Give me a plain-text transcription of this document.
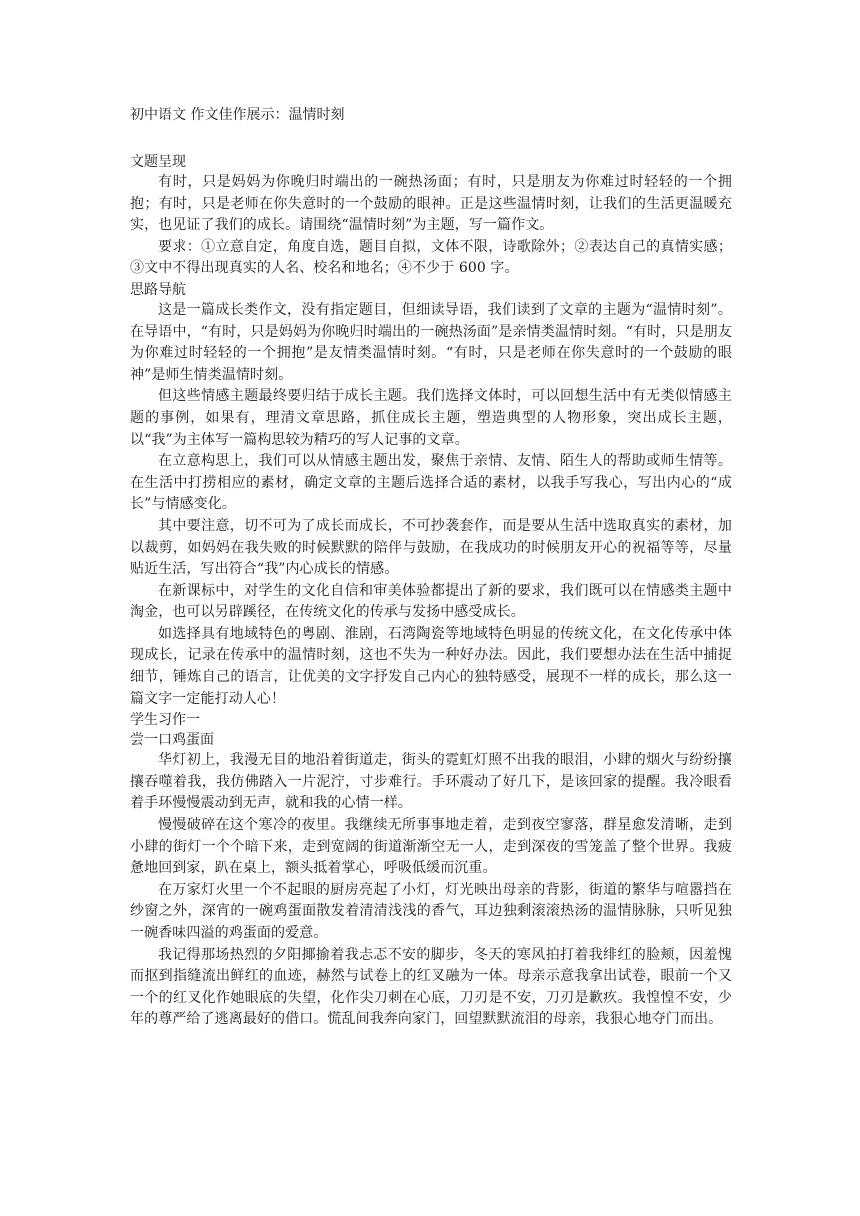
初中语文 作文佳作展示：温情时刻
文题呈现

有时，只是妈妈为你晚归时端出的一碗热汤面；有时，只是朋友为你难过时轻轻的一个拥抱；有时，只是老师在你失意时的一个鼓励的眼神。正是这些温情时刻，让我们的生活更温暖充实，也见证了我们的成长。请围绕“温情时刻”为主题，写一篇作文。

要求：①立意自定，角度自选，题目自拟，文体不限，诗歌除外；②表达自己的真情实感；③文中不得出现真实的人名、校名和地名；④不少于 600 字。

思路导航

这是一篇成长类作文，没有指定题目，但细读导语，我们读到了文章的主题为“温情时刻”。在导语中，“有时，只是妈妈为你晚归时端出的一碗热汤面”是亲情类温情时刻。“有时，只是朋友为你难过时轻轻的一个拥抱”是友情类温情时刻。“有时，只是老师在你失意时的一个鼓励的眼神”是师生情类温情时刻。

但这些情感主题最终要归结于成长主题。我们选择文体时，可以回想生活中有无类似情感主题的事例，如果有，理清文章思路，抓住成长主题，塑造典型的人物形象，突出成长主题，以“我”为主体写一篇构思较为精巧的写人记事的文章。

在立意构思上，我们可以从情感主题出发，聚焦于亲情、友情、陌生人的帮助或师生情等。在生活中打捞相应的素材，确定文章的主题后选择合适的素材，以我手写我心，写出内心的“成长”与情感变化。

其中要注意，切不可为了成长而成长，不可抄袭套作，而是要从生活中选取真实的素材，加以裁剪，如妈妈在我失败的时候默默的陪伴与鼓励，在我成功的时候朋友开心的祝福等等，尽量贴近生活，写出符合“我”内心成长的情感。

在新课标中，对学生的文化自信和审美体验都提出了新的要求，我们既可以在情感类主题中淘金，也可以另辟蹊径，在传统文化的传承与发扬中感受成长。

如选择具有地域特色的粤剧、淮剧，石湾陶瓷等地域特色明显的传统文化，在文化传承中体现成长，记录在传承中的温情时刻，这也不失为一种好办法。因此，我们要想办法在生活中捕捉细节，锤炼自己的语言，让优美的文字抒发自己内心的独特感受，展现不一样的成长，那么这一篇文字一定能打动人心！

学生习作一
尝一口鸡蛋面

华灯初上，我漫无目的地沿着街道走，街头的霓虹灯照不出我的眼泪，小肆的烟火与纷纷攘攘吞噬着我，我仿佛踏入一片泥泞，寸步难行。手环震动了好几下，是该回家的提醒。我冷眼看着手环慢慢震动到无声，就和我的心情一样。

慢慢破碎在这个寒冷的夜里。我继续无所事事地走着，走到夜空寥落，群星愈发清晰，走到小肆的街灯一个个暗下来，走到宽阔的街道渐渐空无一人，走到深夜的雪笼盖了整个世界。我疲惫地回到家，趴在桌上，额头抵着掌心，呼吸低缓而沉重。

在万家灯火里一个不起眼的厨房亮起了小灯，灯光映出母亲的背影，街道的繁华与喧嚣挡在纱窗之外，深宵的一碗鸡蛋面散发着清清浅浅的香气，耳边独剩滚滚热汤的温情脉脉，只听见独一碗香味四溢的鸡蛋面的爱意。

我记得那场热烈的夕阳揶揄着我忐忑不安的脚步，冬天的寒风拍打着我绯红的脸颊，因羞愧而抠到指缝流出鲜红的血迹，赫然与试卷上的红叉融为一体。母亲示意我拿出试卷，眼前一个又一个的红叉化作她眼底的失望，化作尖刀刺在心底，刀刃是不安，刀刃是歉疚。我惶惶不安，少年的尊严给了逃离最好的借口。慌乱间我奔向家门，回望默默流泪的母亲，我狠心地夺门而出。
